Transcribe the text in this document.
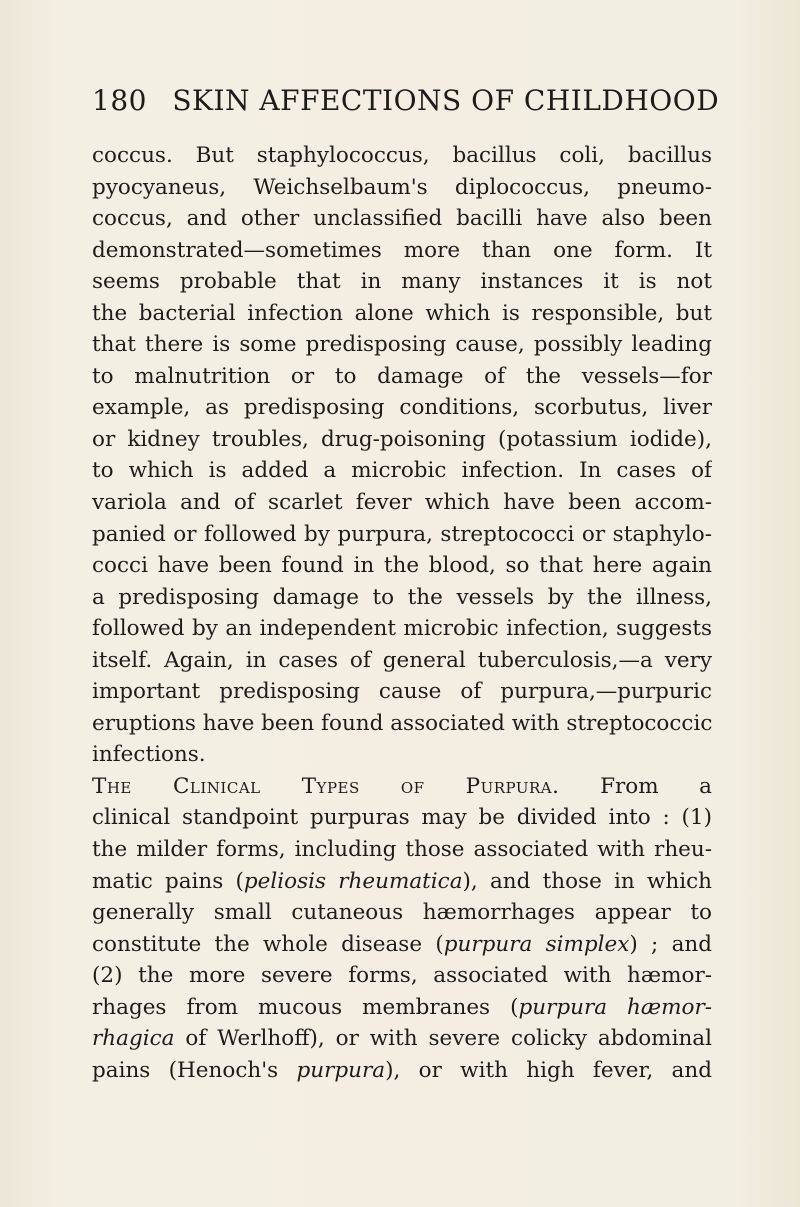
180 SKIN AFFECTIONS OF CHILDHOOD
coccus. But staphylococcus, bacillus coli, bacillus
pyocyaneus, Weichselbaum's diplococcus, pneumo-
coccus, and other unclassified bacilli have also been
demonstrated—sometimes more than one form. It
seems probable that in many instances it is not
the bacterial infection alone which is responsible, but
that there is some predisposing cause, possibly leading
to malnutrition or to damage of the vessels—for
example, as predisposing conditions, scorbutus, liver
or kidney troubles, drug-poisoning (potassium iodide),
to which is added a microbic infection. In cases of
variola and of scarlet fever which have been accom-
panied or followed by purpura, streptococci or staphylo-
cocci have been found in the blood, so that here again
a predisposing damage to the vessels by the illness,
followed by an independent microbic infection, suggests
itself. Again, in cases of general tuberculosis,—a very
important predisposing cause of purpura,—purpuric
eruptions have been found associated with streptococcic
infections.
The Clinical Types of Purpura. From a
clinical standpoint purpuras may be divided into : (1)
the milder forms, including those associated with rheu-
matic pains (peliosis rheumatica), and those in which
generally small cutaneous hæmorrhages appear to
constitute the whole disease (purpura simplex) ; and
(2) the more severe forms, associated with hæmor-
rhages from mucous membranes (purpura hæmor-
rhagica of Werlhoff), or with severe colicky abdominal
pains (Henoch's purpura), or with high fever, and
